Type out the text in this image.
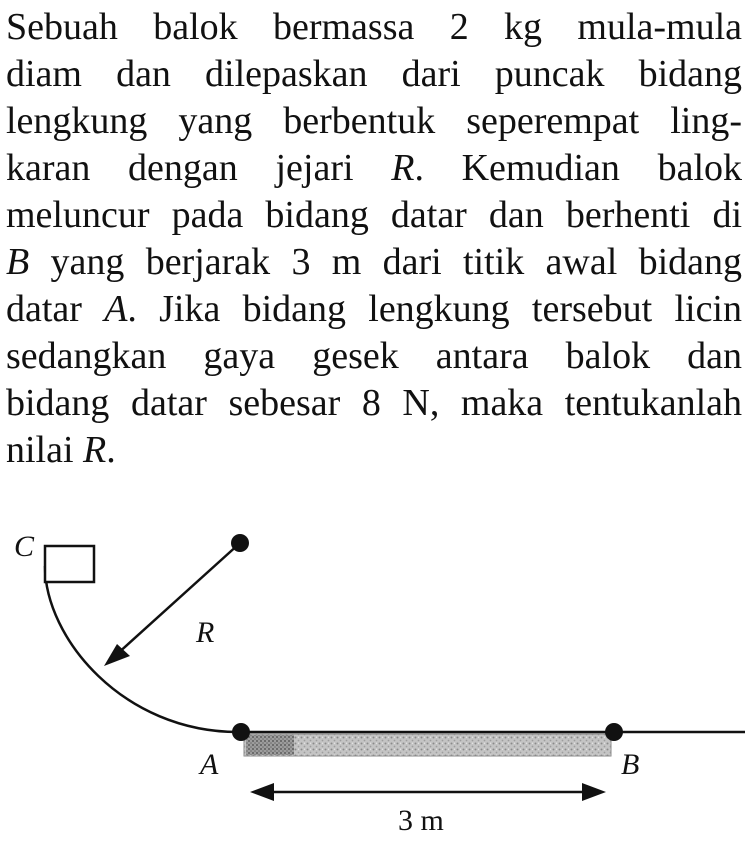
Sebuah balok bermassa 2 kg mula-mula
diam dan dilepaskan dari puncak bidang
lengkung yang berbentuk seperempat ling-
karan dengan jejari R. Kemudian balok
meluncur pada bidang datar dan berhenti di
B yang berjarak 3 m dari titik awal bidang
datar A. Jika bidang lengkung tersebut licin
sedangkan gaya gesek antara balok dan
bidang datar sebesar 8 N, maka tentukanlah
nilai R.
C
R
A	B
3 m
